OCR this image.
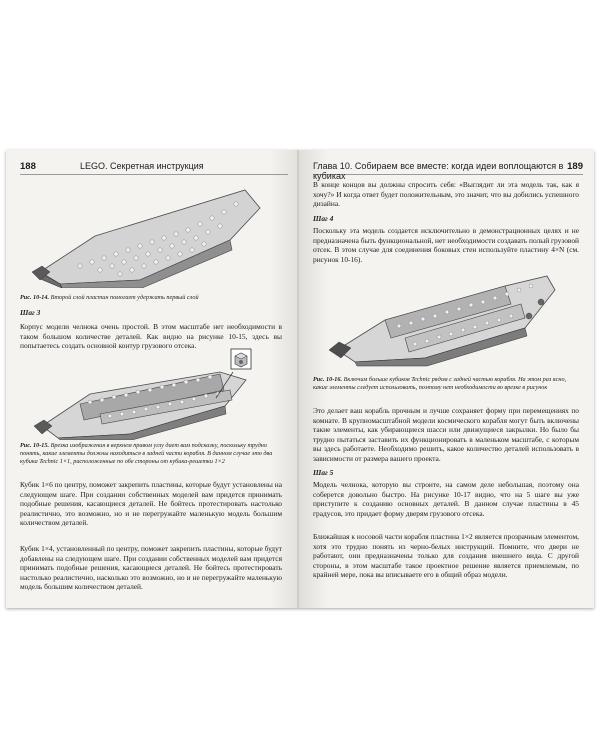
188	LEGO. Секретная инструкция
Рис. 10-14. Второй слой пластин помогает удержать первый слой
Шаг 3
Корпус модели челнока очень простой. В этом масштабе нет необходимости в таком большом количестве деталей. Как видно на рисунке 10-15, здесь вы попытаетесь создать основной контур грузового отсека.
Рис. 10-15. Врезка изображения в верхнем правом углу дает вам подсказку, поскольку трудно понять, какие элементы должны находиться в задней части корабля. В данном случае это два кубика Technic 1×1, расположенные по обе стороны от кубика-решетки 1×2
Кубик 1×6 по центру, поможет закрепить пластины, которые будут установлены на следующем шаге. При создании собственных моделей вам придется принимать подобные решения, касающиеся деталей. Не бойтесь протестировать настолько реалистично, это возможно, но и не перегружайте маленькую модель большим количеством деталей.
Кубик 1×4, установленный по центру, поможет закрепить пластины, которые будут добавлены на следующем шаге. При создании собственных моделей вам придется принимать подобные решения, касающиеся деталей. Не бойтесь протестировать настолько реалистично, насколько это возможно, но и не перегружайте маленькую модель большим количеством деталей.
Глава 10. Собираем все вместе: когда идеи воплощаются в кубиках
189
В конце концов вы должны спросить себя: «Выглядит ли эта модель так, как я хочу?» И когда ответ будет положительным, это значит, что вы добились успешного дизайна.
Шаг 4
Поскольку эта модель создается исключительно в демонстрационных целях и не предназначена быть функциональной, нет необходимости создавать полый грузовой отсек. В этом случае для соединения боковых стен используйте пластину 4×N (см. рисунок 10-16).
Рис. 10-16. Включим больше кубиков Technic рядом с задней частью корабля. На этом раз ясно, какие элементы следует использовать, поэтому нет необходимости во врезке в рисунок
Это делает ваш корабль прочным и лучше сохраняет форму при перемещениях по комнате. В крупномасштабной модели космического корабля могут быть включены такие элементы, как убирающиеся шасси или движущиеся закрылки. Но было бы трудно пытаться заставить их функционировать в маленьком масштабе, с которым вы здесь работаете. Необходимо решить, какое количество деталей использовать в зависимости от размера вашего проекта.
Шаг 5
Модель челнока, которую вы строите, на самом деле небольшая, поэтому она соберется довольно быстро. На рисунке 10-17 видно, что на 5 шаге вы уже приступите к созданию основных деталей. В данном случае пластины в 45 градусов, это придает форму дверям грузового отсека.
Ближайшая к носовой части корабля пластина 1×2 является прозрачным элементом, хотя это трудно понять из черно-белых инструкций. Помните, что двери не работают, они предназначены только для создания внешнего вида. С другой стороны, в этом масштабе такое проектное решение является приемлемым, по крайней мере, пока вы вписываете его в общий образ модели.
